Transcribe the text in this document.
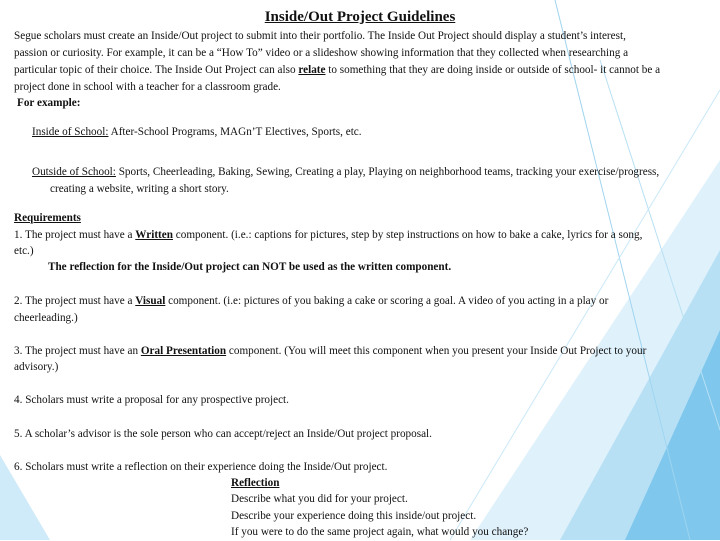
Inside/Out Project Guidelines
Segue scholars must create an Inside/Out project to submit into their portfolio. The Inside Out Project should display a student’s interest,
passion or curiosity. For example, it can be a “How To” video or a slideshow showing information that they collected when researching a
particular topic of their choice. The Inside Out Project can also relate to something that they are doing inside or outside of school- it cannot be a
project done in school with a teacher for a classroom grade.
For example:
Inside of School: After-School Programs, MAGn’T Electives, Sports, etc.
Outside of School: Sports, Cheerleading, Baking, Sewing, Creating a play, Playing on neighborhood teams, tracking your exercise/progress,
creating a website, writing a short story.
Requirements
1. The project must have a Written component. (i.e.: captions for pictures, step by step instructions on how to bake a cake, lyrics for a song,
etc.)
The reflection for the Inside/Out project can NOT be used as the written component.
2. The project must have a Visual component. (i.e: pictures of you baking a cake or scoring a goal. A video of you acting in a play or
cheerleading.)
3. The project must have an Oral Presentation component. (You will meet this component when you present your Inside Out Project to your
advisory.)
4. Scholars must write a proposal for any prospective project.
5. A scholar’s advisor is the sole person who can accept/reject an Inside/Out project proposal.
6. Scholars must write a reflection on their experience doing the Inside/Out project.
Reflection
Describe what you did for your project.
Describe your experience doing this inside/out project.
If you were to do the same project again, what would you change?
